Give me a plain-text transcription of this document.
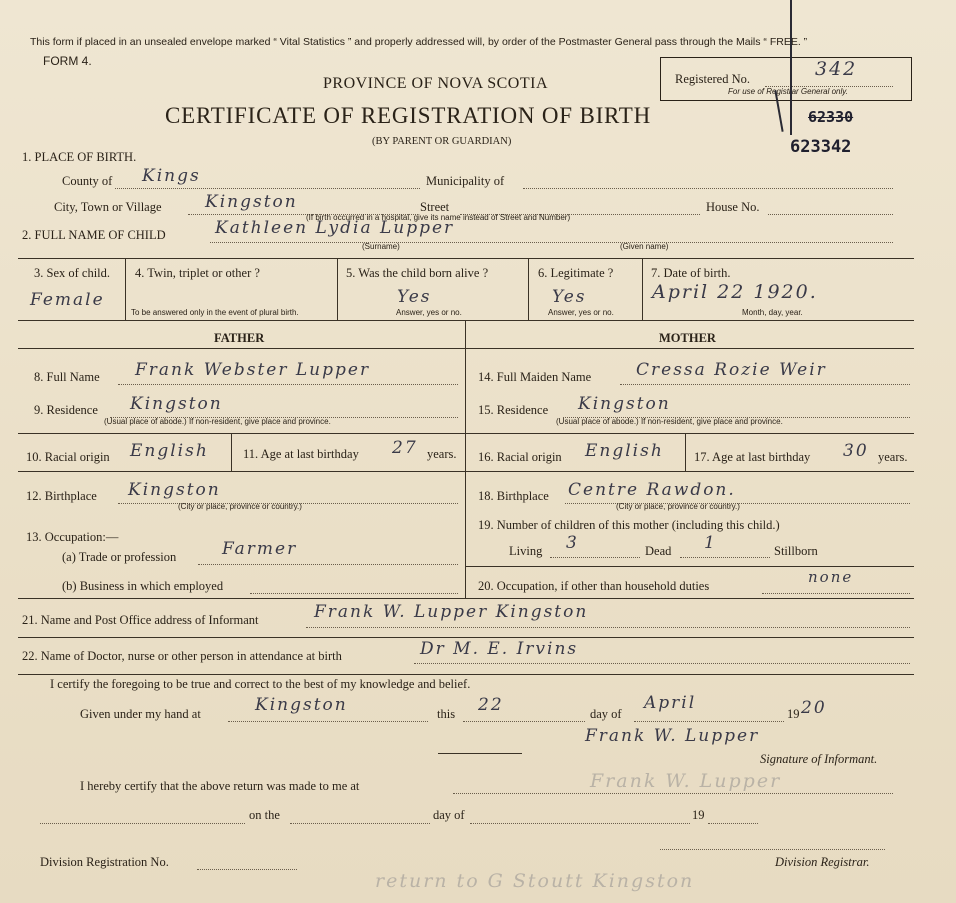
This form if placed in an unsealed envelope marked “ Vital Statistics ” and properly addressed will, by order of the Postmaster General pass through the Mails “ FREE. ”
FORM 4.
PROVINCE OF NOVA SCOTIA
CERTIFICATE OF REGISTRATION OF BIRTH
(BY PARENT OR GUARDIAN)
Registered No.	342
For use of Registrar General only.
62330
623342
1. PLACE OF BIRTH.
County of Kings	Municipality of
City, Town or Village	Kingston	Street	House No.
(If birth occurred in a hospital, give its name instead of Street and Number)
2. FULL NAME OF CHILD	Kathleen Lydia Lupper
(Surname)	(Given name)
3. Sex of child.
Female
4. Twin, triplet or other ?
To be answered only in the event of plural birth.
5. Was the child born alive ?
Yes
Answer, yes or no.
6. Legitimate ?
Yes
Answer, yes or no.
7. Date of birth.
April 22 1920.
Month, day, year.
FATHER	MOTHER
8. Full Name Frank Webster Lupper	14. Full Maiden Name	Cressa Rozie Weir
9. Residence Kingston
(Usual place of abode.) If non-resident, give place and province.
15. Residence Kingston
(Usual place of abode.) If non-resident, give place and province.
10. Racial origin English	11. Age at last birthday 27 years. 16. Racial origin English 17. Age at last birthday 30 years.
12. Birthplace Kingston
(City or place, province or country.)
18. Birthplace Centre Rawdon.
(City or place, province or country.)
13. Occupation:—
19. Number of children of this mother (including this child.)
(a) Trade or profession	Farmer	Living 3	Dead 1	Stillborn
(b) Business in which employed	20. Occupation, if other than household duties	none
21. Name and Post Office address of Informant	Frank W. Lupper Kingston
22. Name of Doctor, nurse or other person in attendance at birth	Dr M. E. Irvins
I certify the foregoing to be true and correct to the best of my knowledge and belief.
Given under my hand at	Kingston	this 22	day of
April
19 20
Frank W. Lupper
Signature of Informant.
I hereby certify that the above return was made to me at	Frank W. Lupper
on the	day of	19
Division Registration No.	Division Registrar.
return to G Stoutt Kingston
